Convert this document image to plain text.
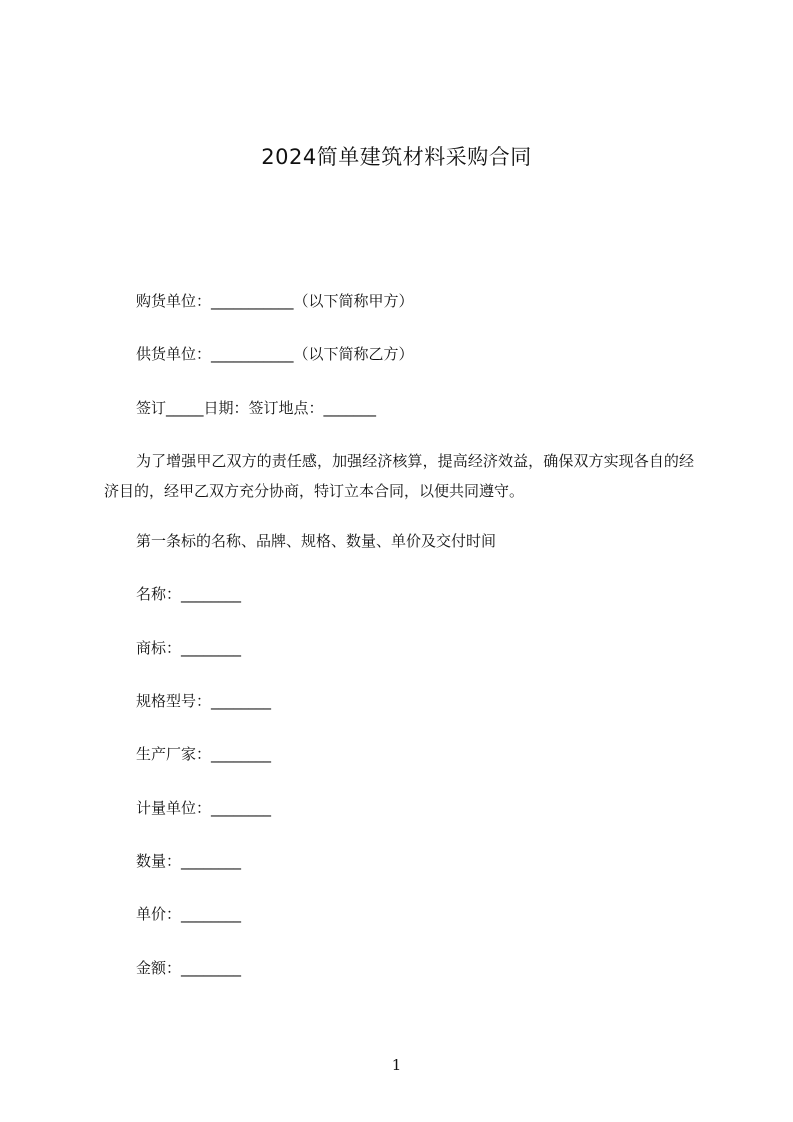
2024简单建筑材料采购合同

购货单位：___________（以下简称甲方）

供货单位：___________（以下简称乙方）

签订_____日期：签订地点：_______

为了增强甲乙双方的责任感，加强经济核算，提高经济效益，确保双方实现各自的经济目的，经甲乙双方充分协商，特订立本合同，以便共同遵守。

第一条标的名称、品牌、规格、数量、单价及交付时间

名称：________

商标：________

规格型号：________

生产厂家：________

计量单位：________

数量：________

单价：________

金额：________

1
